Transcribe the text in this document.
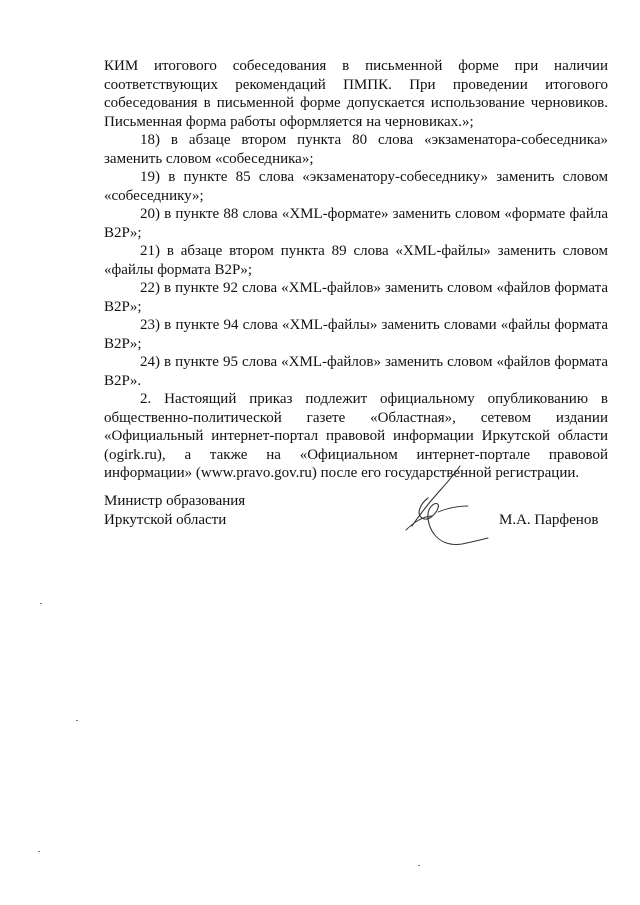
КИМ итогового собеседования в письменной форме при наличии соответствующих рекомендаций ПМПК. При проведении итогового собеседования в письменной форме допускается использование черновиков. Письменная форма работы оформляется на черновиках.»;

18) в абзаце втором пункта 80 слова «экзаменатора-собеседника» заменить словом «собеседника»;

19) в пункте 85 слова «экзаменатору-собеседнику» заменить словом «собеседнику»;

20) в пункте 88 слова «XML-формате» заменить словом «формате файла B2P»;

21) в абзаце втором пункта 89 слова «XML-файлы» заменить словом «файлы формата B2P»;

22) в пункте 92 слова «XML-файлов» заменить словом «файлов формата B2P»;

23) в пункте 94 слова «XML-файлы» заменить словами «файлы формата B2P»;

24) в пункте 95 слова «XML-файлов» заменить словом «файлов формата B2P».

2. Настоящий приказ подлежит официальному опубликованию в общественно-политической газете «Областная», сетевом издании «Официальный интернет-портал правовой информации Иркутской области (ogirk.ru), а также на «Официальном интернет-портале правовой информации» (www.pravo.gov.ru) после его государственной регистрации.

Министр образования
Иркутской области	М.А. Парфенов
